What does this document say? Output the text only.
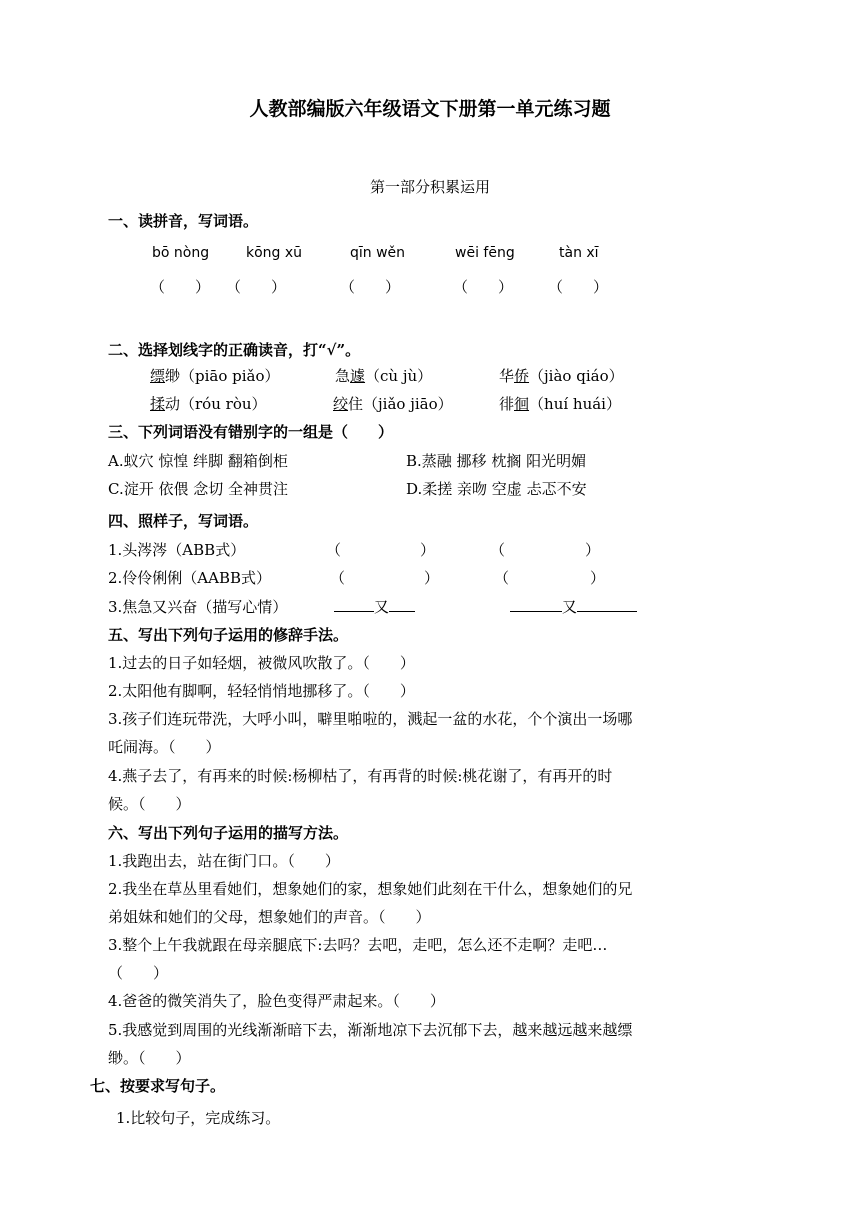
人教部编版六年级语文下册第一单元练习题
第一部分积累运用
一、读拼音，写词语。
bō nòng	kōng xū	qīn wěn	wēi fēng	tàn xī
（　　） （　　）	（　　）	（　　） （　　）
二、选择划线字的正确读音，打“√”。
缥缈（piāo piǎo）	急遽（cù jù）	华侨（jiào qiáo）
揉动（róu ròu）	绞住（jiǎo jiāo）	徘徊（huí huái）
三、下列词语没有错别字的一组是（　　）
A.蚁穴 惊惶 绊脚 翻箱倒柜	B.蒸融 挪移 枕搁 阳光明媚
C.淀开 依偎 念切 全神贯注	D.柔搓 亲吻 空虚 忐忑不安
四、照样子，写词语。
1.头涔涔（ABB式）	（	）	（	）
2.伶伶俐俐（AABB式）	（	）	（	）
3.焦急又兴奋（描写心情）	又	又
五、写出下列句子运用的修辞手法。
1.过去的日子如轻烟，被微风吹散了。（　　）
2.太阳他有脚啊，轻轻悄悄地挪移了。（　　）
3.孩子们连玩带洗，大呼小叫，噼里啪啦的，溅起一盆的水花，个个演出一场哪
吒闹海。（　　）
4.燕子去了，有再来的时候:杨柳枯了，有再背的时候:桃花谢了，有再开的时
候。（　　）
六、写出下列句子运用的描写方法。
1.我跑出去，站在街门口。（　　）
2.我坐在草丛里看她们，想象她们的家，想象她们此刻在干什么，想象她们的兄
弟姐妹和她们的父母，想象她们的声音。（　　）
3.整个上午我就跟在母亲腿底下:去吗？去吧，走吧，怎么还不走啊？走吧…
（　　）
4.爸爸的微笑消失了，脸色变得严肃起来。（　　）
5.我感觉到周围的光线渐渐暗下去，渐渐地凉下去沉郁下去，越来越远越来越缥
缈。（　　）
七、按要求写句子。
1.比较句子，完成练习。
